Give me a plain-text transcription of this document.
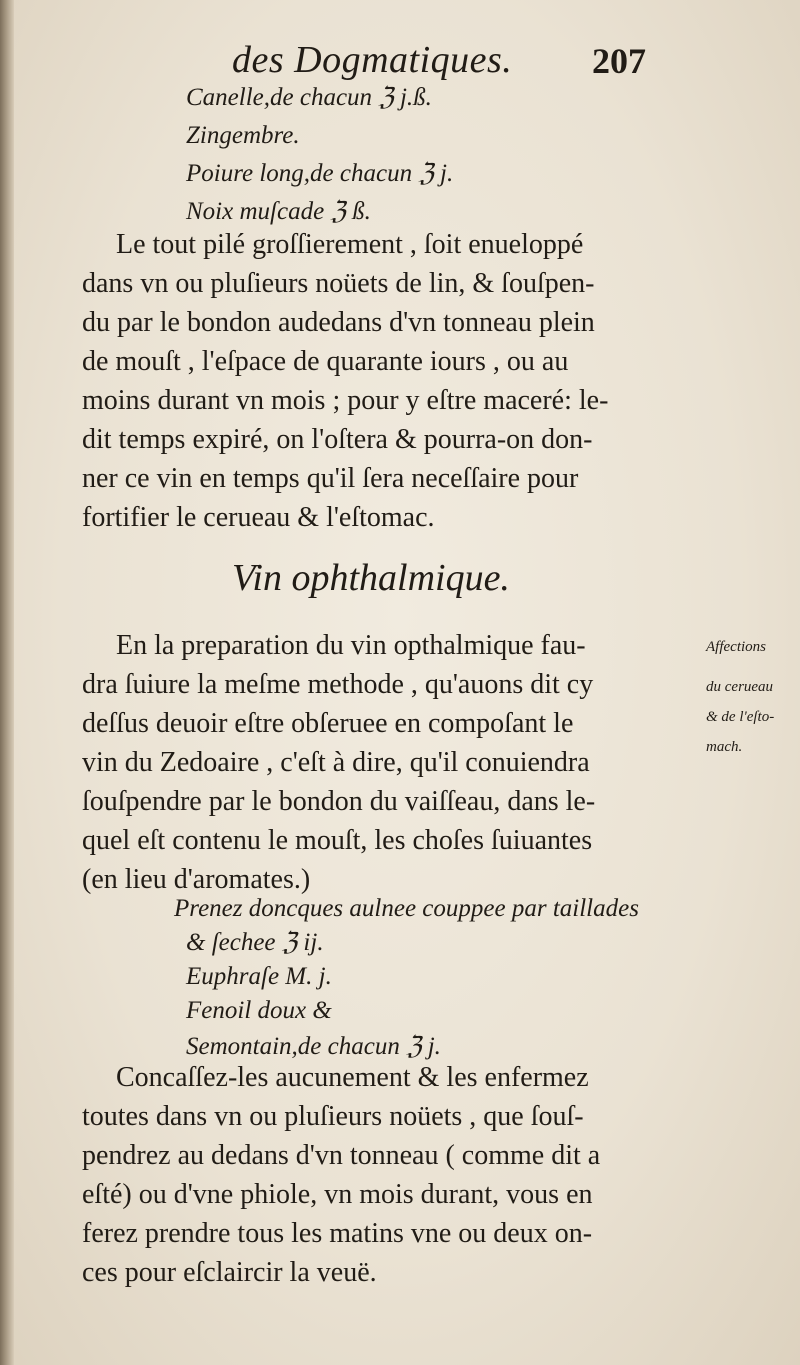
des Dogmatiques. 207
Canelle,de chacun ℨ j.ß.
Zingembre.
Poiure long,de chacun ℨ j.
Noix muſcade ℨ ß.
Le tout pilé groſſierement , ſoit enueloppé
dans vn ou pluſieurs noüets de lin, & ſouſpen-
du par le bondon audedans d'vn tonneau plein
de mouſt , l'eſpace de quarante iours , ou au
moins durant vn mois ; pour y eſtre maceré: le-
dit temps expiré, on l'oſtera & pourra-on don-
ner ce vin en temps qu'il ſera neceſſaire pour
fortifier le cerueau & l'eſtomac.
Vin ophthalmique.
En la preparation du vin opthalmique fau-
dra ſuiure la meſme methode , qu'auons dit cy
deſſus deuoir eſtre obſeruee en compoſant le
vin du Zedoaire , c'eſt à dire, qu'il conuiendra
ſouſpendre par le bondon du vaiſſeau, dans le-
quel eſt contenu le mouſt, les choſes ſuiuantes
(en lieu d'aromates.)
Affections
du cerueau
& de l'eſto-
mach.
Prenez doncques aulnee couppee par taillades
& ſechee ℨ ij.
Euphraſe M. j.
Fenoil doux &
Semontain,de chacun ℨ j.
Concaſſez-les aucunement & les enfermez
toutes dans vn ou pluſieurs noüets , que ſouſ-
pendrez au dedans d'vn tonneau ( comme dit a
eſté) ou d'vne phiole, vn mois durant, vous en
ferez prendre tous les matins vne ou deux on-
ces pour eſclaircir la veuë.
